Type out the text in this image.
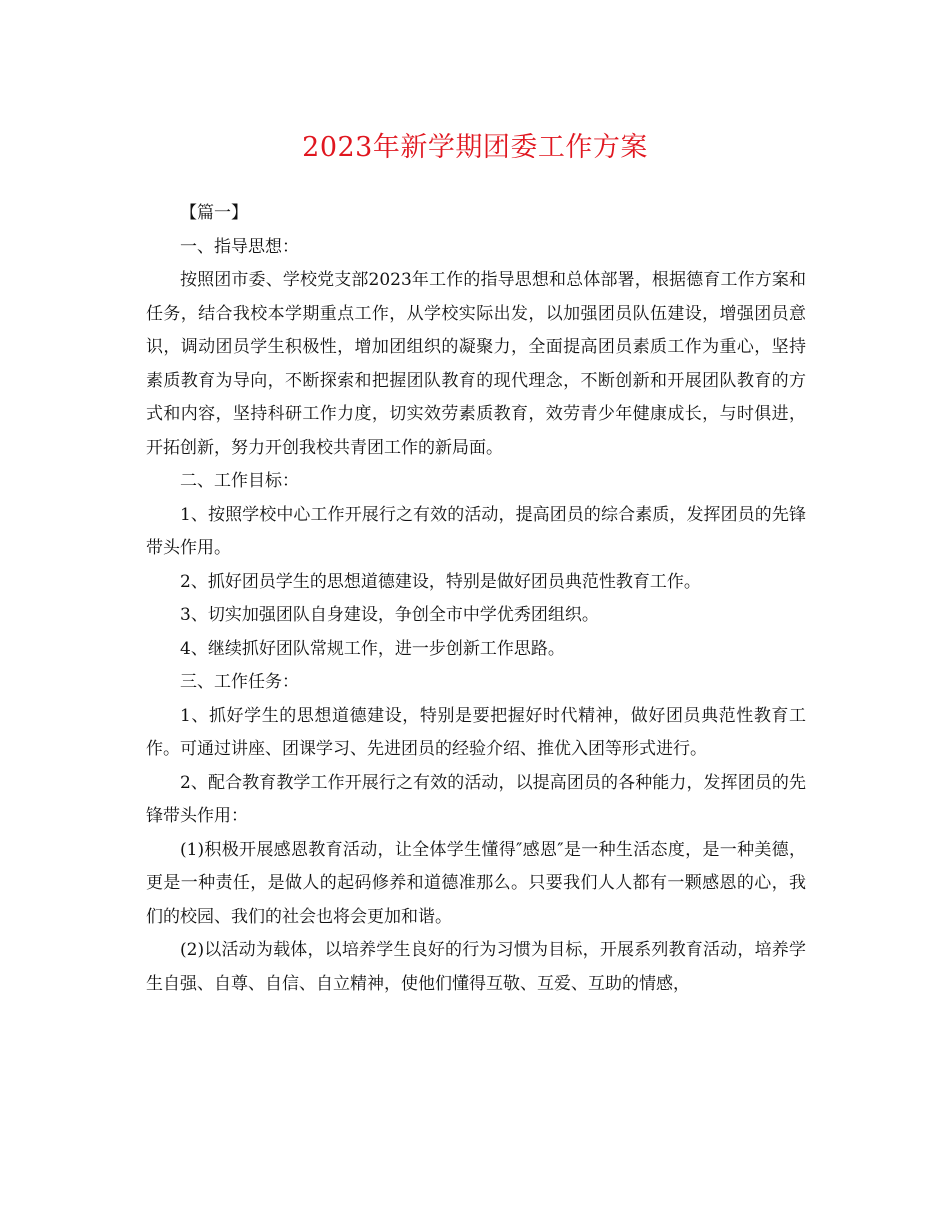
2023年新学期团委工作方案

【篇一】

一、指导思想：

按照团市委、学校党支部2023年工作的指导思想和总体部署，根据德育工作方案和任务，结合我校本学期重点工作，从学校实际出发，以加强团员队伍建设，增强团员意识，调动团员学生积极性，增加团组织的凝聚力，全面提高团员素质工作为重心，坚持素质教育为导向，不断探索和把握团队教育的现代理念，不断创新和开展团队教育的方式和内容，坚持科研工作力度，切实效劳素质教育，效劳青少年健康成长，与时俱进，开拓创新，努力开创我校共青团工作的新局面。

二、工作目标：

1、按照学校中心工作开展行之有效的活动，提高团员的综合素质，发挥团员的先锋带头作用。

2、抓好团员学生的思想道德建设，特别是做好团员典范性教育工作。

3、切实加强团队自身建设，争创全市中学优秀团组织。

4、继续抓好团队常规工作，进一步创新工作思路。

三、工作任务：

1、抓好学生的思想道德建设，特别是要把握好时代精神，做好团员典范性教育工作。可通过讲座、团课学习、先进团员的经验介绍、推优入团等形式进行。

2、配合教育教学工作开展行之有效的活动，以提高团员的各种能力，发挥团员的先锋带头作用：

(1)积极开展感恩教育活动，让全体学生懂得″感恩″是一种生活态度，是一种美德，更是一种责任，是做人的起码修养和道德准那么。只要我们人人都有一颗感恩的心，我们的校园、我们的社会也将会更加和谐。

(2)以活动为载体，以培养学生良好的行为习惯为目标，开展系列教育活动，培养学生自强、自尊、自信、自立精神，使他们懂得互敬、互爱、互助的情感，
